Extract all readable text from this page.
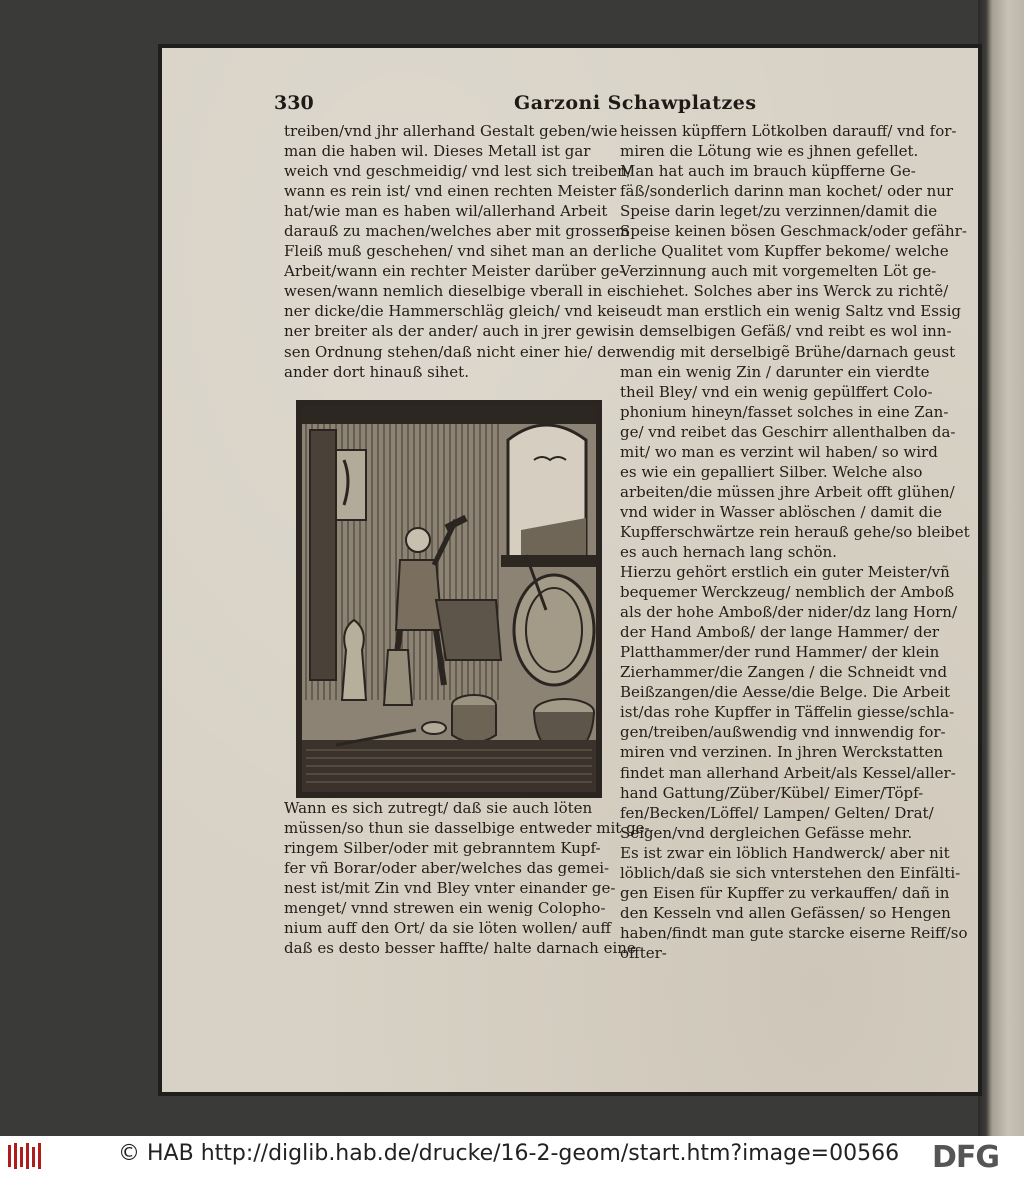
330	Garzoni Schawplatzes
treiben/vnd jhr allerhand Gestalt geben/wie
man die haben wil. Dieses Metall ist gar
weich vnd geschmeidig/ vnd lest sich treiben/
wann es rein ist/ vnd einen rechten Meister
hat/wie man es haben wil/allerhand Arbeit
darauß zu machen/welches aber mit grossem
Fleiß muß geschehen/ vnd sihet man an der
Arbeit/wann ein rechter Meister darüber ge-
wesen/wann nemlich dieselbige vberall in ei-
ner dicke/die Hammerschläg gleich/ vnd kei-
ner breiter als der ander/ auch in jrer gewis-
sen Ordnung stehen/daß nicht einer hie/ der
ander dort hinauß sihet.
Wann es sich zutregt/ daß sie auch löten
müssen/so thun sie dasselbige entweder mit ge-
ringem Silber/oder mit gebranntem Kupf-
fer vñ Borar/oder aber/welches das gemei-
nest ist/mit Zin vnd Bley vnter einander ge-
menget/ vnnd strewen ein wenig Colopho-
nium auff den Ort/ da sie löten wollen/ auff
daß es desto besser haffte/ halte darnach eine
heissen küpffern Lötkolben darauff/ vnd for-
miren die Lötung wie es jhnen gefellet.
Man hat auch im brauch küpfferne Ge-
fäß/sonderlich darinn man kochet/ oder nur
Speise darin leget/zu verzinnen/damit die
Speise keinen bösen Geschmack/oder gefähr-
liche Qualitet vom Kupffer bekome/ welche
Verzinnung auch mit vorgemelten Löt ge-
schiehet. Solches aber ins Werck zu richtẽ/
seudt man erstlich ein wenig Saltz vnd Essig
in demselbigen Gefäß/ vnd reibt es wol inn-
wendig mit derselbigẽ Brühe/darnach geust
man ein wenig Zin / darunter ein vierdte
theil Bley/ vnd ein wenig gepülffert Colo-
phonium hineyn/fasset solches in eine Zan-
ge/ vnd reibet das Geschirr allenthalben da-
mit/ wo man es verzint wil haben/ so wird
es wie ein gepalliert Silber. Welche also
arbeiten/die müssen jhre Arbeit offt glühen/
vnd wider in Wasser ablöschen / damit die
Kupfferschwärtze rein herauß gehe/so bleibet
es auch hernach lang schön.
Hierzu gehört erstlich ein guter Meister/vñ
bequemer Werckzeug/ nemblich der Amboß
als der hohe Amboß/der nider/dz lang Horn/
der Hand Amboß/ der lange Hammer/ der
Platthammer/der rund Hammer/ der klein
Zierhammer/die Zangen / die Schneidt vnd
Beißzangen/die Aesse/die Belge. Die Arbeit
ist/das rohe Kupffer in Täffelin giesse/schla-
gen/treiben/außwendig vnd innwendig for-
miren vnd verzinen. In jhren Werckstatten
findet man allerhand Arbeit/als Kessel/aller-
hand Gattung/Züber/Kübel/ Eimer/Töpf-
fen/Becken/Löffel/ Lampen/ Gelten/ Drat/
Seigen/vnd dergleichen Gefässe mehr.
Es ist zwar ein löblich Handwerck/ aber nit
löblich/daß sie sich vnterstehen den Einfälti-
gen Eisen für Kupffer zu verkauffen/ dañ in
den Kesseln vnd allen Gefässen/ so Hengen
haben/findt man gute starcke eiserne Reiff/so
offter-
© HAB http://diglib.hab.de/drucke/16-2-geom/start.htm?image=00566 DFG
